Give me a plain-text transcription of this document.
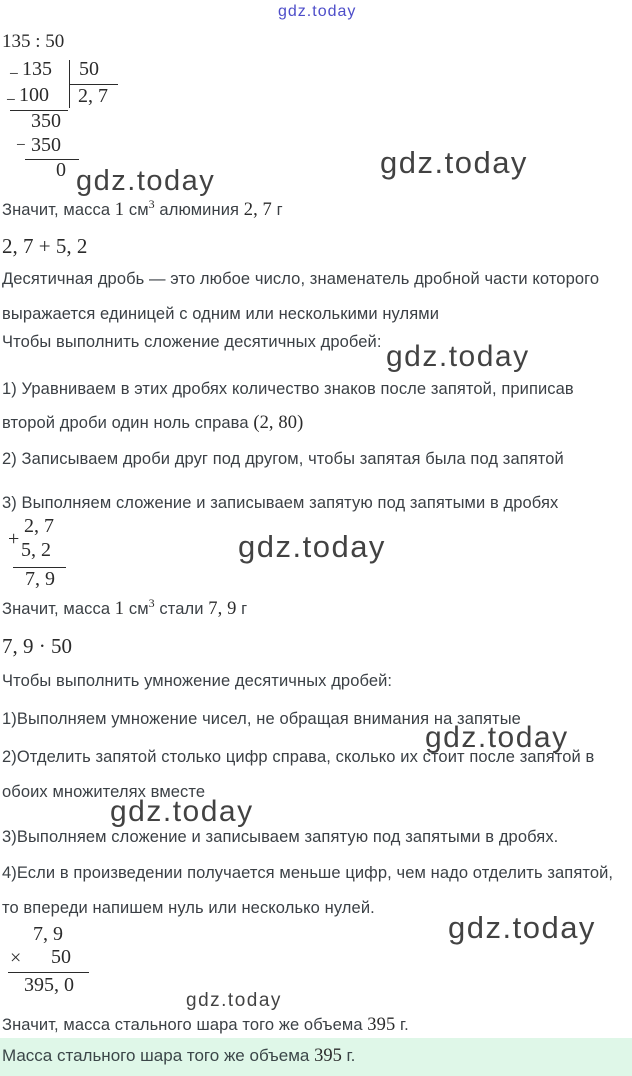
gdz.today
gdz.today
gdz.today
gdz.today
gdz.today
gdz.today
gdz.today
gdz.today
gdz.today
135 : 50
− 135 50
− 100 2, 7
350
− 350
0
Значит, масса 1 $см^3$ алюминия 2, 7 г
2, 7 + 5, 2
Десятичная дробь — это любое число, знаменатель дробной части которого
выражается единицей с одним или несколькими нулями
Чтобы выполнить сложение десятичных дробей:
1) Уравниваем в этих дробях количество знаков после запятой, приписав
второй дроби один ноль справа (2, 80)
2) Записываем дроби друг под другом, чтобы запятая была под запятой
3) Выполняем сложение и записываем запятую под запятыми в дробях
+
2, 7
5, 2
7, 9
Значит, масса 1 $см^3$ стали 7, 9 г
7, 9 · 50
Чтобы выполнить умножение десятичных дробей:
1)Выполняем умножение чисел, не обращая внимания на запятые
2)Отделить запятой столько цифр справа, сколько их стоит после запятой в
обоих множителях вместе
3)Выполняем сложение и записываем запятую под запятыми в дробях.
4)Если в произведении получается меньше цифр, чем надо отделить запятой,
то впереди напишем нуль или несколько нулей.
7, 9
× 50
395, 0
Значит, масса стального шара того же объема 395 г.
Масса стального шара того же объема 395 г.
